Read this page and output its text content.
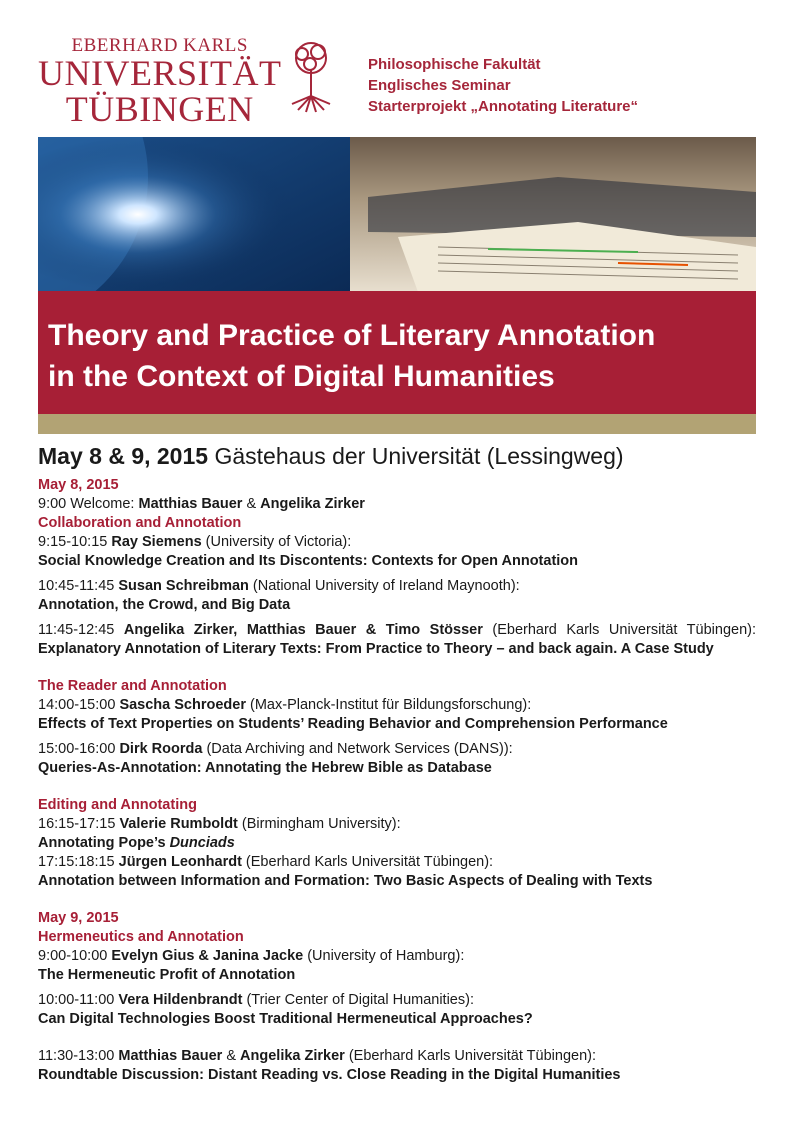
EBERHARD KARLS
UNIVERSITÄT
TÜBINGEN
Philosophische Fakultät
Englisches Seminar
Starterprojekt „Annotating Literature“
Theory and Practice of Literary Annotation
in the Context of Digital Humanities
May 8 & 9, 2015 Gästehaus der Universität (Lessingweg)
May 8, 2015
9:00 Welcome: Matthias Bauer & Angelika Zirker
Collaboration and Annotation
9:15-10:15 Ray Siemens (University of Victoria):
Social Knowledge Creation and Its Discontents: Contexts for Open Annotation
10:45-11:45 Susan Schreibman (National University of Ireland Maynooth):
Annotation, the Crowd, and Big Data
11:45-12:45 Angelika Zirker, Matthias Bauer & Timo Stösser (Eberhard Karls Universität Tübingen): Explanatory Annotation of Literary Texts: From Practice to Theory – and back again. A Case Study
The Reader and Annotation
14:00-15:00 Sascha Schroeder (Max-Planck-Institut für Bildungsforschung):
Effects of Text Properties on Students’ Reading Behavior and Comprehension Performance
15:00-16:00 Dirk Roorda (Data Archiving and Network Services (DANS)):
Queries-As-Annotation: Annotating the Hebrew Bible as Database
Editing and Annotating
16:15-17:15 Valerie Rumboldt (Birmingham University):
Annotating Pope’s Dunciads
17:15:18:15 Jürgen Leonhardt (Eberhard Karls Universität Tübingen):
Annotation between Information and Formation: Two Basic Aspects of Dealing with Texts
May 9, 2015
Hermeneutics and Annotation
9:00-10:00 Evelyn Gius & Janina Jacke (University of Hamburg):
The Hermeneutic Profit of Annotation
10:00-11:00 Vera Hildenbrandt (Trier Center of Digital Humanities):
Can Digital Technologies Boost Traditional Hermeneutical Approaches?
11:30-13:00 Matthias Bauer & Angelika Zirker (Eberhard Karls Universität Tübingen):
Roundtable Discussion: Distant Reading vs. Close Reading in the Digital Humanities
